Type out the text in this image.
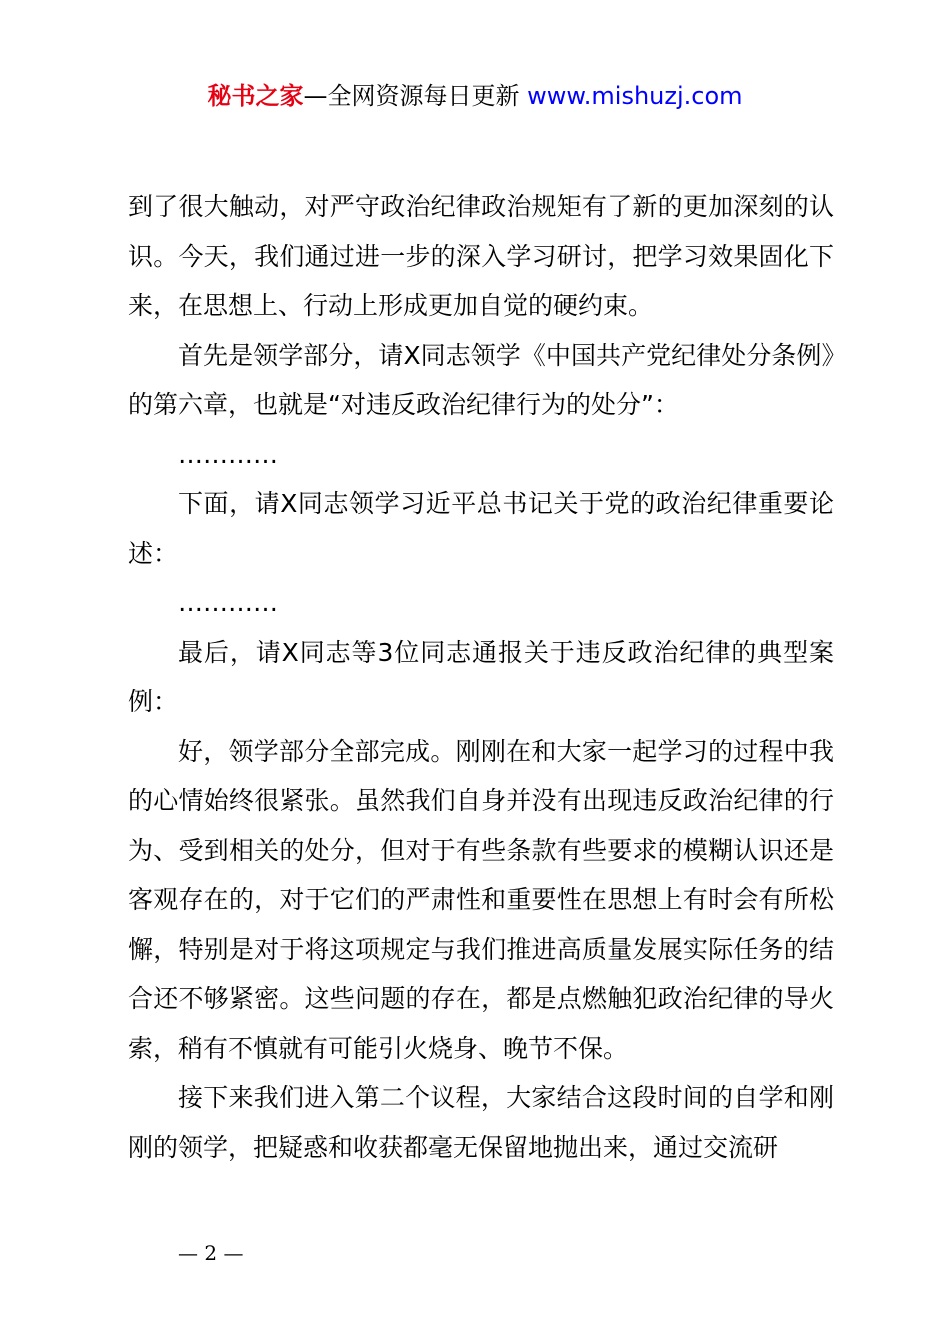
秘书之家—全网资源每日更新 www.mishuzj.com

到了很大触动，对严守政治纪律政治规矩有了新的更加深刻的认识。今天，我们通过进一步的深入学习研讨，把学习效果固化下来，在思想上、行动上形成更加自觉的硬约束。

首先是领学部分，请X同志领学《中国共产党纪律处分条例》的第六章，也就是“对违反政治纪律行为的处分”：

…………

下面，请X同志领学习近平总书记关于党的政治纪律重要论述：

…………

最后，请X同志等3位同志通报关于违反政治纪律的典型案例：

好，领学部分全部完成。刚刚在和大家一起学习的过程中我的心情始终很紧张。虽然我们自身并没有出现违反政治纪律的行为、受到相关的处分，但对于有些条款有些要求的模糊认识还是客观存在的，对于它们的严肃性和重要性在思想上有时会有所松懈，特别是对于将这项规定与我们推进高质量发展实际任务的结合还不够紧密。这些问题的存在，都是点燃触犯政治纪律的导火索，稍有不慎就有可能引火烧身、晚节不保。

接下来我们进入第二个议程，大家结合这段时间的自学和刚刚的领学，把疑惑和收获都毫无保留地抛出来，通过交流研

— 2 —
